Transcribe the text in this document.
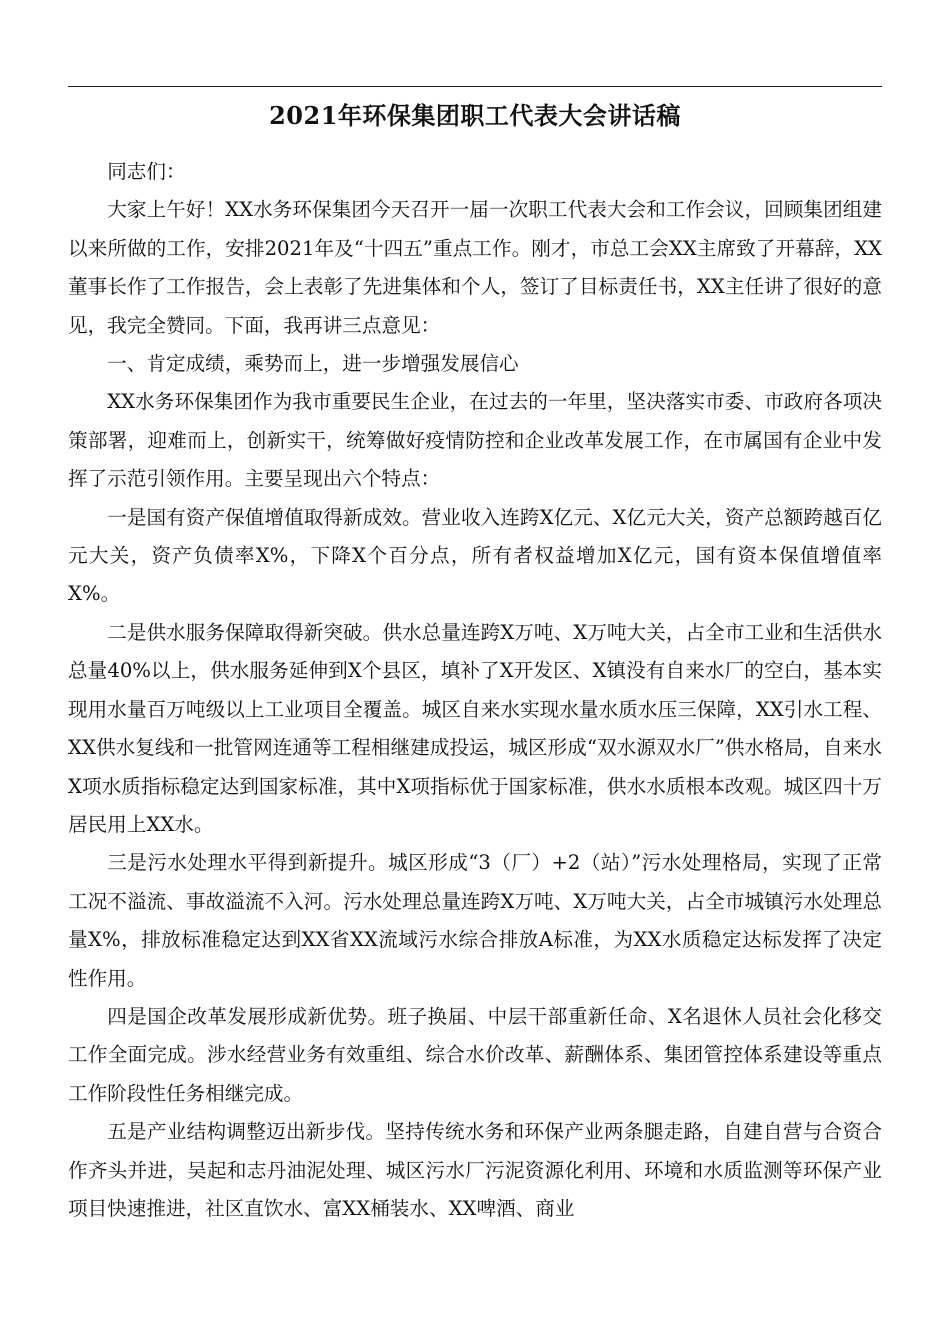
2021年环保集团职工代表大会讲话稿

同志们：

大家上午好！XX水务环保集团今天召开一届一次职工代表大会和工作会议，回顾集团组建以来所做的工作，安排2021年及“十四五”重点工作。刚才，市总工会XX主席致了开幕辞，XX董事长作了工作报告，会上表彰了先进集体和个人，签订了目标责任书，XX主任讲了很好的意见，我完全赞同。下面，我再讲三点意见：

一、肯定成绩，乘势而上，进一步增强发展信心

XX水务环保集团作为我市重要民生企业，在过去的一年里，坚决落实市委、市政府各项决策部署，迎难而上，创新实干，统筹做好疫情防控和企业改革发展工作，在市属国有企业中发挥了示范引领作用。主要呈现出六个特点：

一是国有资产保值增值取得新成效。营业收入连跨X亿元、X亿元大关，资产总额跨越百亿元大关，资产负债率X%，下降X个百分点，所有者权益增加X亿元，国有资本保值增值率X%。

二是供水服务保障取得新突破。供水总量连跨X万吨、X万吨大关，占全市工业和生活供水总量40%以上，供水服务延伸到X个县区，填补了X开发区、X镇没有自来水厂的空白，基本实现用水量百万吨级以上工业项目全覆盖。城区自来水实现水量水质水压三保障，XX引水工程、XX供水复线和一批管网连通等工程相继建成投运，城区形成“双水源双水厂”供水格局，自来水X项水质指标稳定达到国家标准，其中X项指标优于国家标准，供水水质根本改观。城区四十万居民用上XX水。

三是污水处理水平得到新提升。城区形成“3（厂）+2（站）”污水处理格局，实现了正常工况不溢流、事故溢流不入河。污水处理总量连跨X万吨、X万吨大关，占全市城镇污水处理总量X%，排放标准稳定达到XX省XX流域污水综合排放A标准，为XX水质稳定达标发挥了决定性作用。

四是国企改革发展形成新优势。班子换届、中层干部重新任命、X名退休人员社会化移交工作全面完成。涉水经营业务有效重组、综合水价改革、薪酬体系、集团管控体系建设等重点工作阶段性任务相继完成。

五是产业结构调整迈出新步伐。坚持传统水务和环保产业两条腿走路，自建自营与合资合作齐头并进，吴起和志丹油泥处理、城区污水厂污泥资源化利用、环境和水质监测等环保产业项目快速推进，社区直饮水、富XX桶装水、XX啤酒、商业
